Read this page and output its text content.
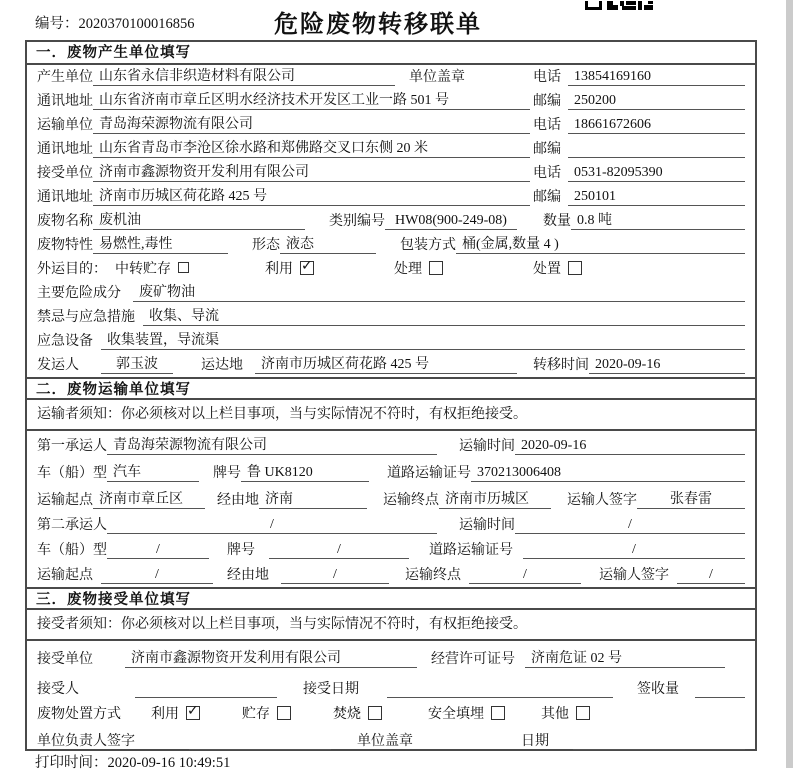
编号：2020370100016856	危险废物转移联单
一．废物产生单位填写
产生单位 山东省永信非织造材料有限公司	单位盖章	电话 13854169160
通讯地址 山东省济南市章丘区明水经济技术开发区工业一路 501 号	邮编 250200
运输单位 青岛海荣源物流有限公司	电话 18661672606
通讯地址 山东省青岛市李沧区徐水路和郑佛路交叉口东侧 20 米	邮编
接受单位 济南市鑫源物资开发利用有限公司	电话 0531-82095390
通讯地址 济南市历城区荷花路 425 号	邮编 250101
废物名称 废机油	类别编号 HW08(900-249-08)	数量 0.8 吨
废物特性 易燃性,毒性	形态 液态	包装方式 桶(金属,数量 4 )
外运目的： 中转贮存	利用 ✓	处理	处置
主要危险成分	废矿物油
禁忌与应急措施	收集、导流
应急设备	收集装置，导流渠
发运人	郭玉波	运达地	济南市历城区荷花路 425 号	转移时间 2020-09-16
二．废物运输单位填写
运输者须知：你必须核对以上栏目事项，当与实际情况不符时，有权拒绝接受。
第一承运人 青岛海荣源物流有限公司	运输时间 2020-09-16
车（船）型 汽车	牌号 鲁 UK8120	道路运输证号 370213006408
运输起点 济南市章丘区	经由地 济南	运输终点 济南市历城区	运输人签字	张春雷
第二承运人	/	运输时间	/
车（船）型	/	牌号	/	道路运输证号	/
运输起点	/	经由地	/	运输终点	/	运输人签字	/
三．废物接受单位填写
接受者须知：你必须核对以上栏目事项，当与实际情况不符时，有权拒绝接受。
接受单位	济南市鑫源物资开发利用有限公司	经营许可证号	济南危证 02 号
接受人	接受日期	签收量
废物处置方式 利用 ✓	贮存	焚烧	安全填埋	其他
单位负责人签字	单位盖章	日期
打印时间：2020-09-16 10:49:51
